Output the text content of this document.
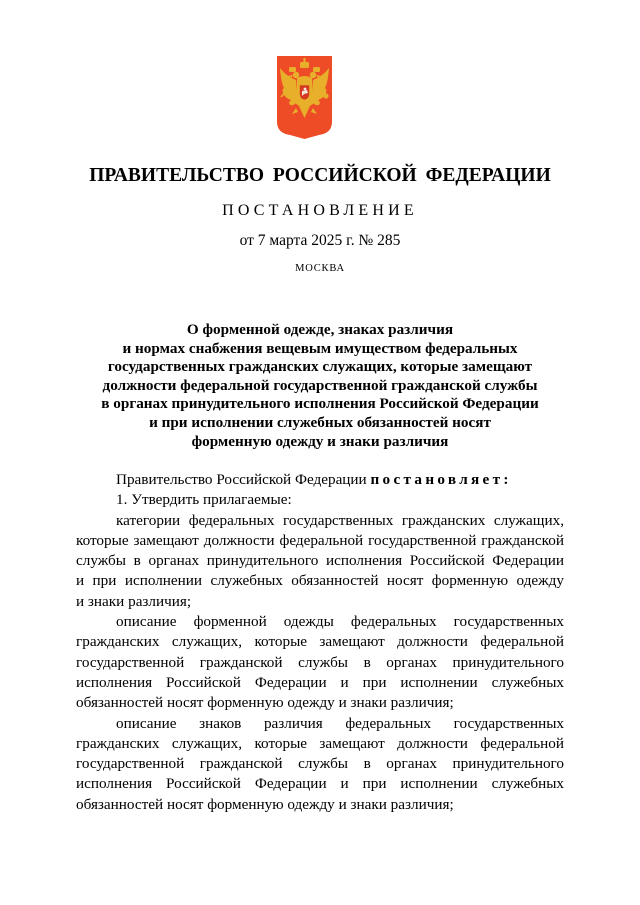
ПРАВИТЕЛЬСТВО РОССИЙСКОЙ ФЕДЕРАЦИИ
ПОСТАНОВЛЕНИЕ
от 7 марта 2025 г. № 285
МОСКВА
О форменной одежде, знаках различия
и нормах снабжения вещевым имуществом федеральных
государственных гражданских служащих, которые замещают
должности федеральной государственной гражданской службы
в органах принудительного исполнения Российской Федерации
и при исполнении служебных обязанностей носят
форменную одежду и знаки различия
Правительство Российской Федерации постановляет:
1. Утвердить прилагаемые:
категории федеральных государственных гражданских служащих,
которые замещают должности федеральной государственной гражданской
службы в органах принудительного исполнения Российской Федерации
и при исполнении служебных обязанностей носят форменную одежду
и знаки различия;
описание форменной одежды федеральных государственных
гражданских служащих, которые замещают должности федеральной
государственной гражданской службы в органах принудительного
исполнения Российской Федерации и при исполнении служебных
обязанностей носят форменную одежду и знаки различия;
описание знаков различия федеральных государственных
гражданских служащих, которые замещают должности федеральной
государственной гражданской службы в органах принудительного
исполнения Российской Федерации и при исполнении служебных
обязанностей носят форменную одежду и знаки различия;
